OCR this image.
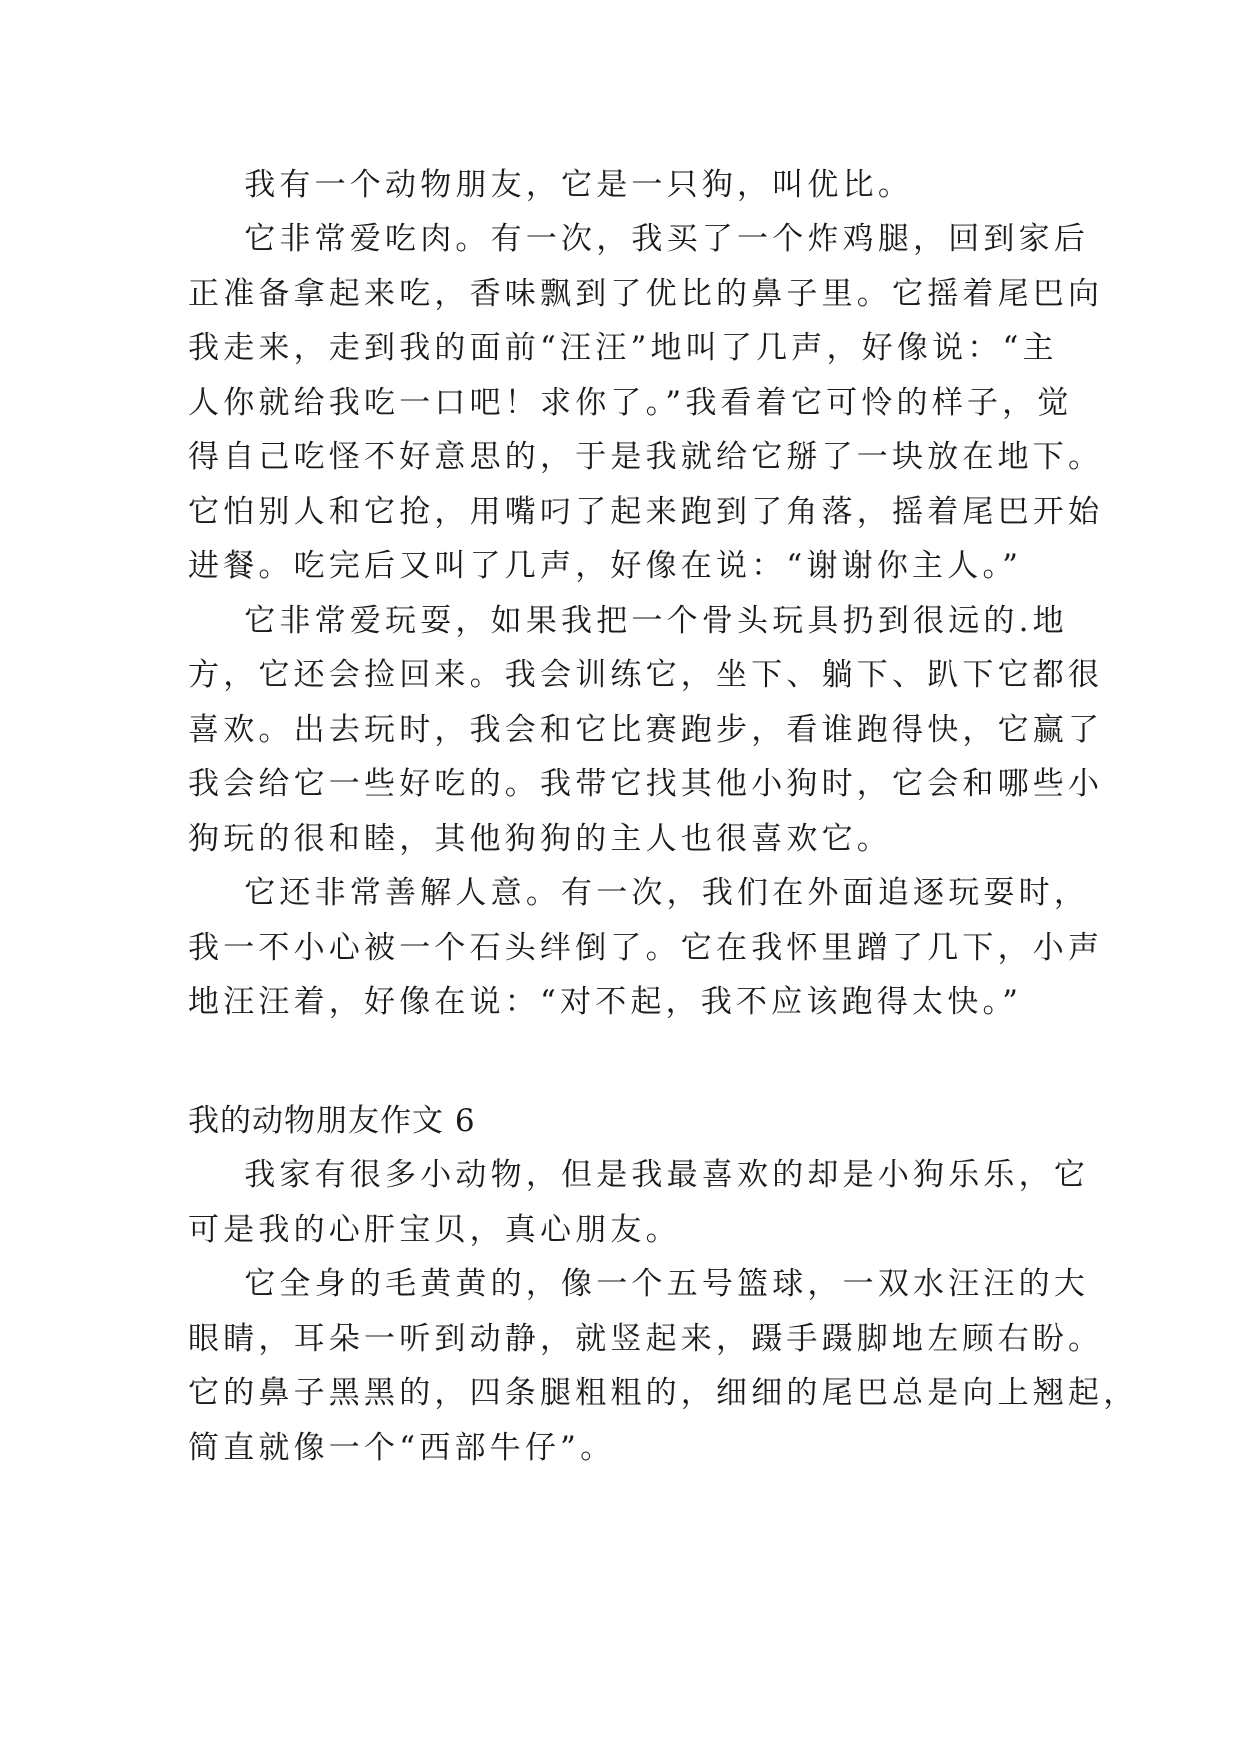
我有一个动物朋友，它是一只狗，叫优比。
它非常爱吃肉。有一次，我买了一个炸鸡腿，回到家后
正准备拿起来吃，香味飘到了优比的鼻子里。它摇着尾巴向
我走来，走到我的面前“汪汪”地叫了几声，好像说：“主
人你就给我吃一口吧！求你了。”我看着它可怜的样子，觉
得自己吃怪不好意思的，于是我就给它掰了一块放在地下。
它怕别人和它抢，用嘴叼了起来跑到了角落，摇着尾巴开始
进餐。吃完后又叫了几声，好像在说：“谢谢你主人。”
它非常爱玩耍，如果我把一个骨头玩具扔到很远的.地
方，它还会捡回来。我会训练它，坐下、躺下、趴下它都很
喜欢。出去玩时，我会和它比赛跑步，看谁跑得快，它赢了
我会给它一些好吃的。我带它找其他小狗时，它会和哪些小
狗玩的很和睦，其他狗狗的主人也很喜欢它。
它还非常善解人意。有一次，我们在外面追逐玩耍时，
我一不小心被一个石头绊倒了。它在我怀里蹭了几下，小声
地汪汪着，好像在说：“对不起，我不应该跑得太快。”
我的动物朋友作文 6
我家有很多小动物，但是我最喜欢的却是小狗乐乐，它
可是我的心肝宝贝，真心朋友。
它全身的毛黄黄的，像一个五号篮球，一双水汪汪的大
眼睛，耳朵一听到动静，就竖起来，蹑手蹑脚地左顾右盼。
它的鼻子黑黑的，四条腿粗粗的，细细的尾巴总是向上翘起，
简直就像一个“西部牛仔”。
